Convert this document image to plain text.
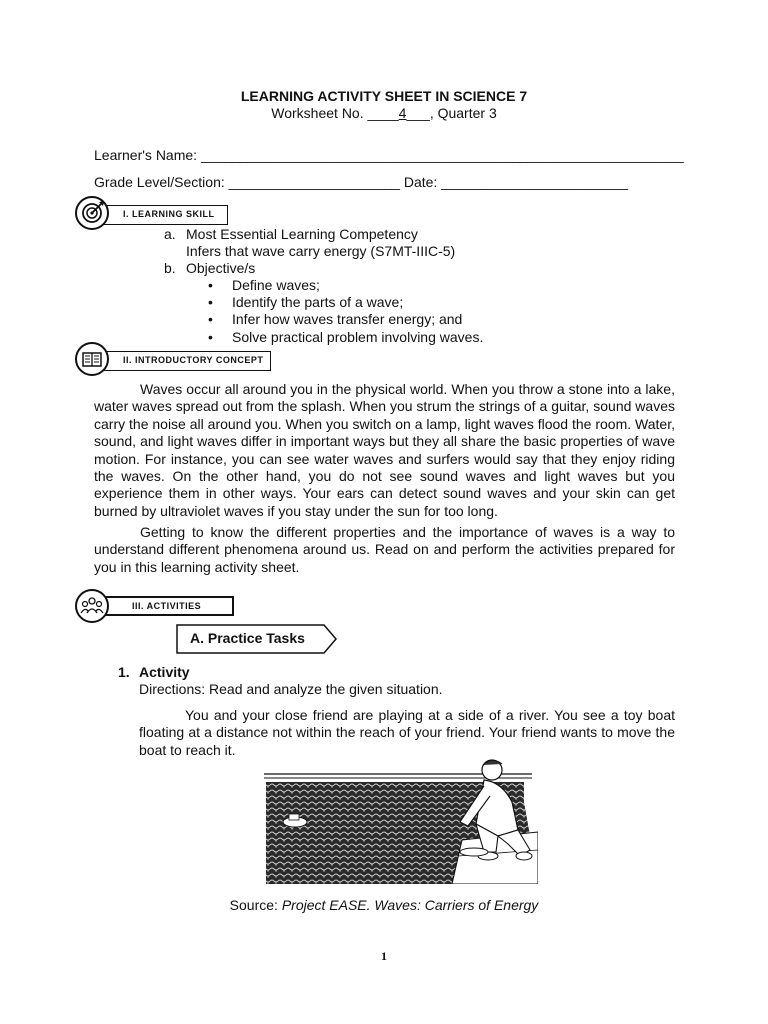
LEARNING ACTIVITY SHEET IN SCIENCE 7
Worksheet No. ____4___, Quarter 3
Learner's Name: ______________________________________________________________
Grade Level/Section: ______________________ Date: ________________________
I. LEARNING SKILL
a. Most Essential Learning Competency
Infers that wave carry energy (S7MT-IIIC-5)
b. Objective/s
• Define waves;
• Identify the parts of a wave;
• Infer how waves transfer energy; and
• Solve practical problem involving waves.
II. INTRODUCTORY CONCEPT
Waves occur all around you in the physical world. When you throw a stone into a lake, water waves spread out from the splash. When you strum the strings of a guitar, sound waves carry the noise all around you. When you switch on a lamp, light waves flood the room. Water, sound, and light waves differ in important ways but they all share the basic properties of wave motion. For instance, you can see water waves and surfers would say that they enjoy riding the waves. On the other hand, you do not see sound waves and light waves but you experience them in other ways. Your ears can detect sound waves and your skin can get burned by ultraviolet waves if you stay under the sun for too long.
Getting to know the different properties and the importance of waves is a way to understand different phenomena around us. Read on and perform the activities prepared for you in this learning activity sheet.
III. ACTIVITIES
A. Practice Tasks
1. Activity
Directions: Read and analyze the given situation.
You and your close friend are playing at a side of a river. You see a toy boat floating at a distance not within the reach of your friend. Your friend wants to move the boat to reach it.
Source: Project EASE. Waves: Carriers of Energy
1
